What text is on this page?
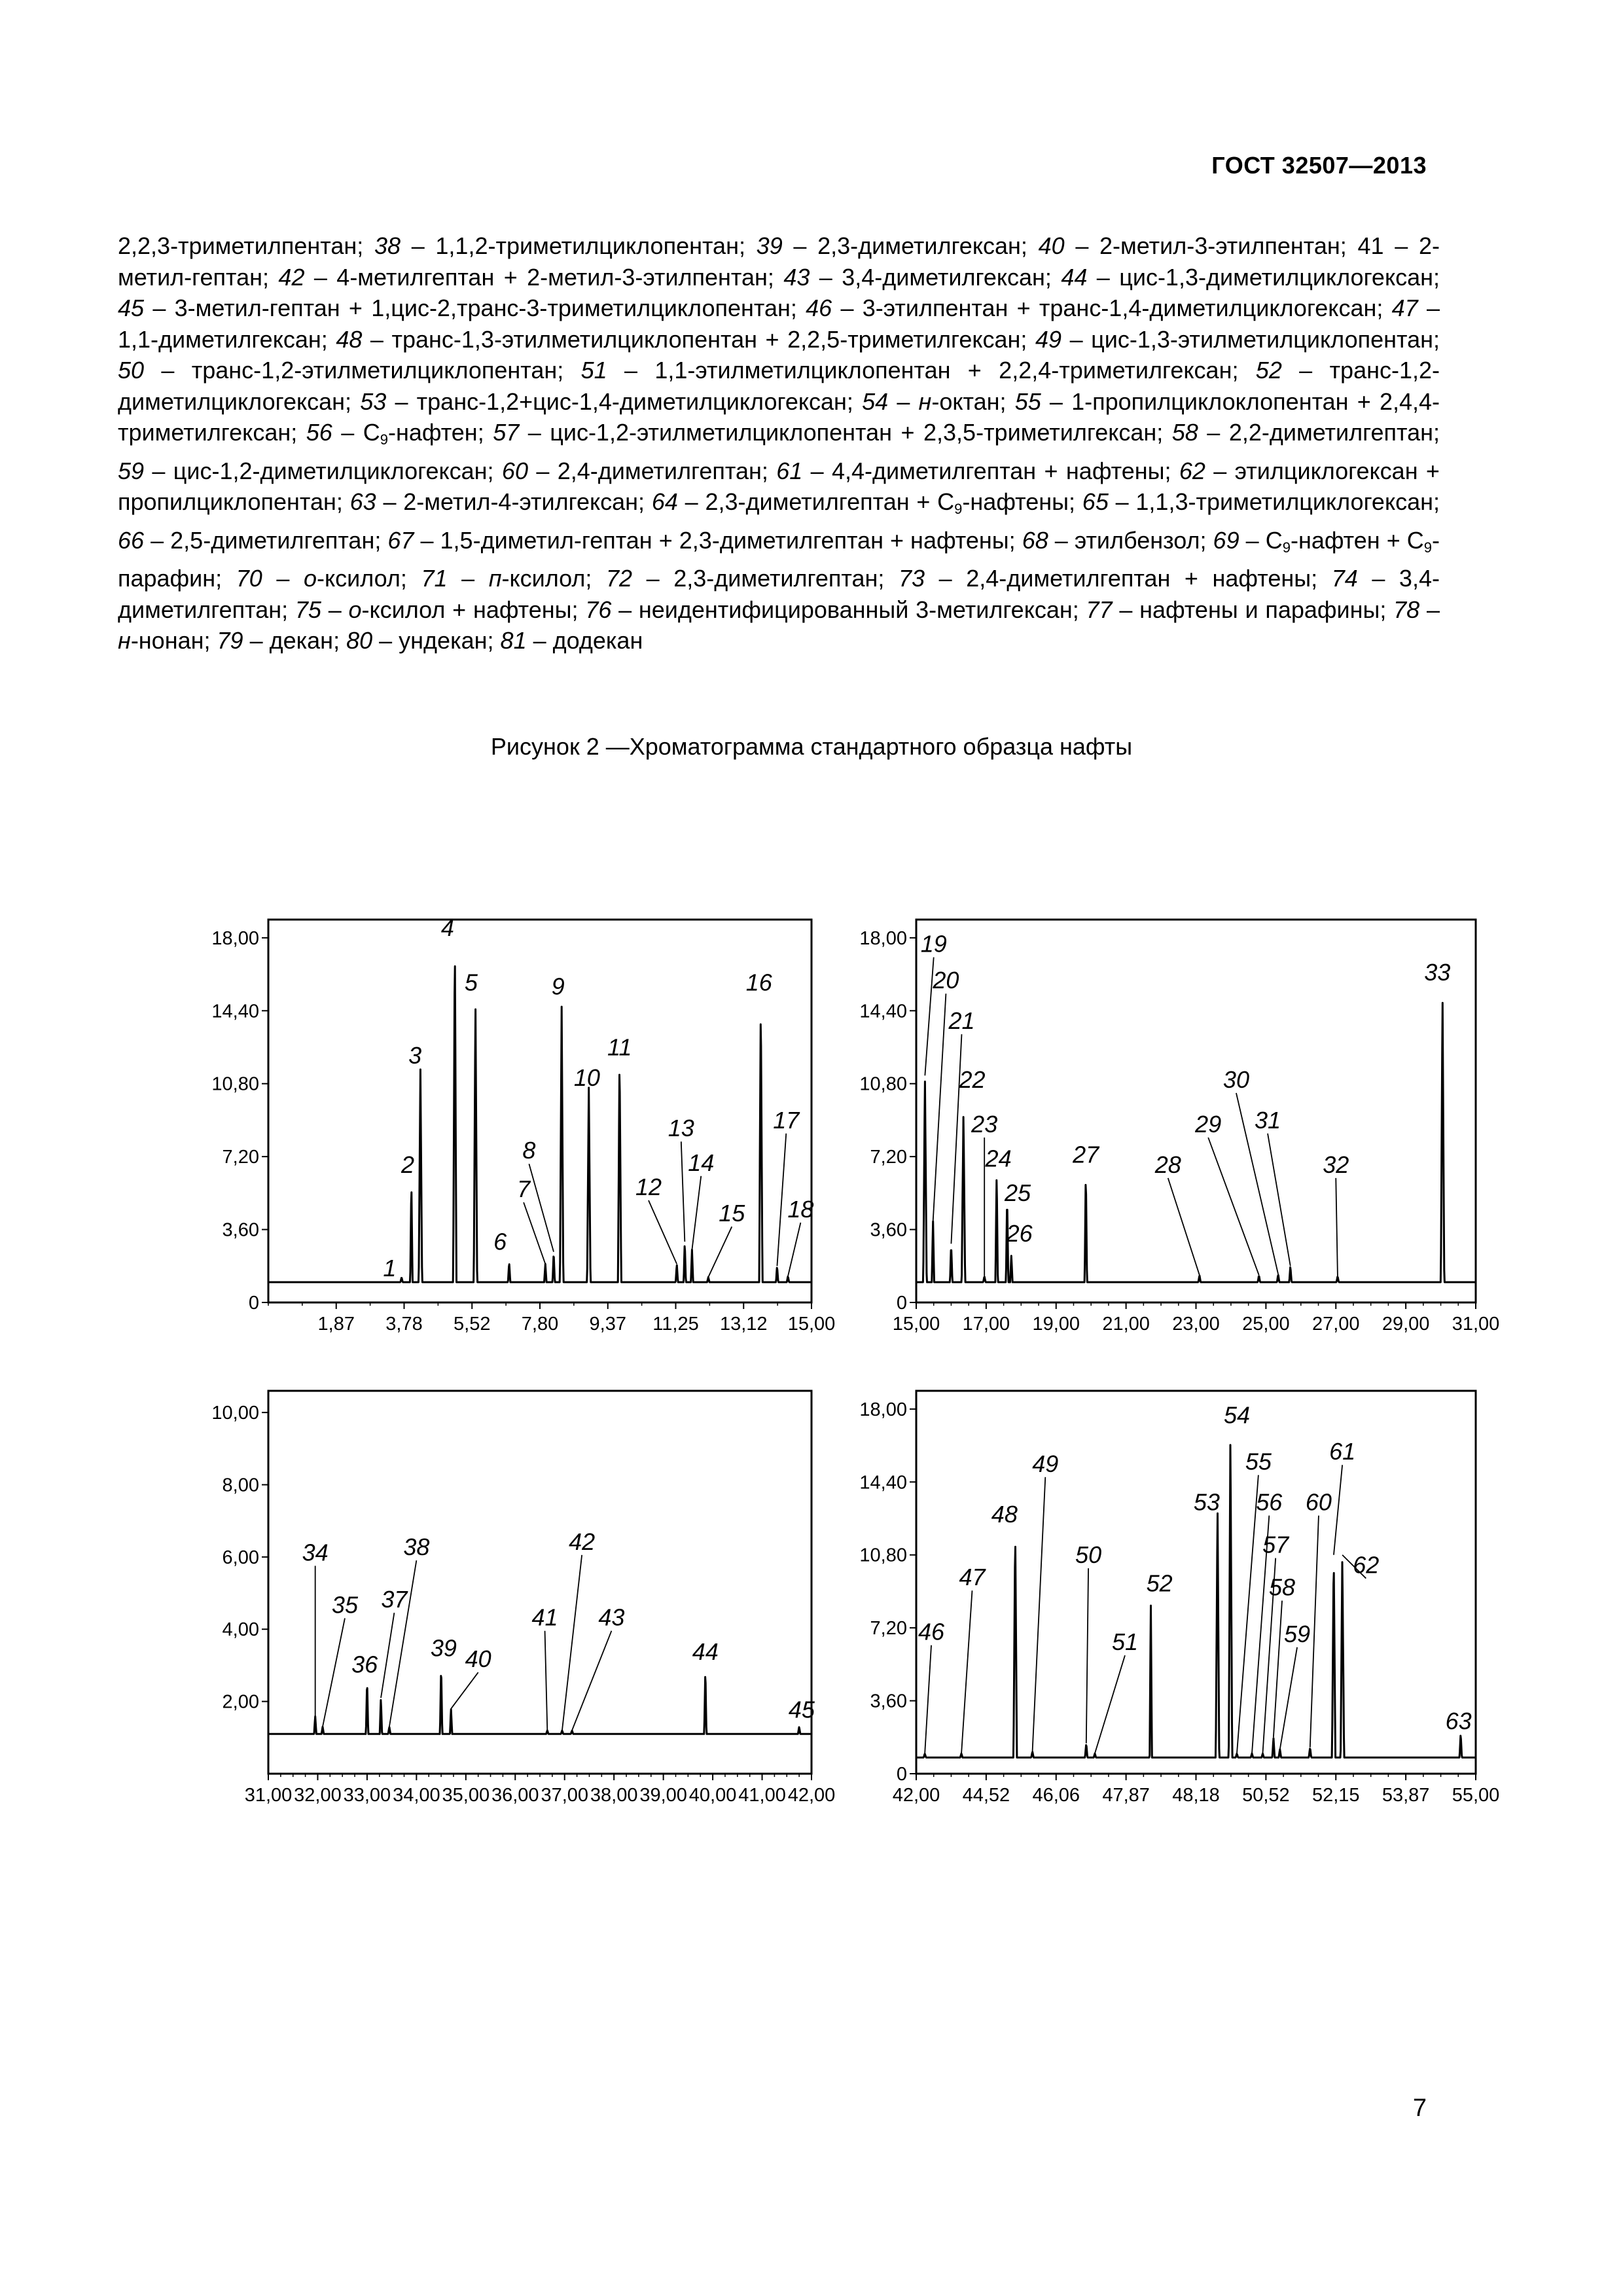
ГОСТ 32507—2013
2,2,3-триметилпентан; 38 – 1,1,2-триметилциклопентан; 39 – 2,3-диметилгексан; 40 – 2-метил-3-этилпентан; 41 – 2-метил-гептан; 42 – 4-метилгептан + 2-метил-3-этилпентан; 43 – 3,4-диметилгексан; 44 – цис-1,3-диметилциклогексан; 45 – 3-метил-гептан + 1,цис-2,транс-3-триметилциклопентан; 46 – 3-этилпентан + транс-1,4-диметилциклогексан; 47 – 1,1-диметилгексан; 48 – транс-1,3-этилметилциклопентан + 2,2,5-триметилгексан; 49 – цис-1,3-этилметилциклопентан; 50 – транс-1,2-этилметилциклопентан; 51 – 1,1-этилметилциклопентан + 2,2,4-триметилгексан; 52 – транс-1,2-диметилциклогексан; 53 – транс-1,2+цис-1,4-диметилциклогексан; 54 – н-октан; 55 – 1-пропилциклоклопентан + 2,4,4-триметилгексан; $56 - C_9$-нафтен; 57 – цис-1,2-этилметилциклопентан + 2,3,5-триметилгексан; 58 – 2,2-диметилгептан; 59 – цис-1,2-диметилциклогексан; 60 – 2,4-диметилгептан; 61 – 4,4-диметилгептан + нафтены; 62 – этилциклогексан + пропилциклопентан; 63 – 2-метил-4-этилгексан; 64 – 2,3-диметилгептан + $C_9$-нафтены; 65 – 1,1,3-триметилциклогексан; 66 – 2,5-диметилгептан; 67 – 1,5-диметил-гептан + 2,3-диметилгептан + нафтены; 68 – этилбензол; $69 - C_9$-нафтен + $C_9$-парафин; 70 – о-ксилол; 71 – п-ксилол; 72 – 2,3-диметилгептан; 73 – 2,4-диметилгептан + нафтены; 74 – 3,4-диметилгептан; 75 – о-ксилол + нафтены; 76 – неидентифицированный 3-метилгексан; 77 – нафтены и парафины; 78 – н-нонан; 79 – декан; 80 – ундекан; 81 – додекан
Рисунок 2 —Хроматограмма стандартного образца нафты
0
3,60
7,20
10,80
14,40
18,00
1,87 3,78 5,52 7,80 9,37 11,25 13,12 15,00
1
2
3
4
5
6
7
8
9
10
11
12
13
14
15
16
17
18
0
3,60
7,20
10,80
14,40
18,00
15,00 17,00 19,00 21,00 23,00 25,00 27,00 29,00 31,00
19
20
21
22
23
24
25
26
27 28
29
30
31
32
33
2,00
4,00
6,00
8,00
10,00
31,00 32,00 33,00 34,00 35,00 36,00 37,00 38,00 39,00 40,00 41,00 42,00
34
35
36
37
38
39 40
41
42
43
44
45
0
3,60
7,20
10,80
14,40
18,00
42,00 44,52 46,06 47,87 48,18 50,52 52,15 53,87 55,00
46
47
48
49
50
51
52
53
54
55
56
57
58
59
60
61
62
63
7
